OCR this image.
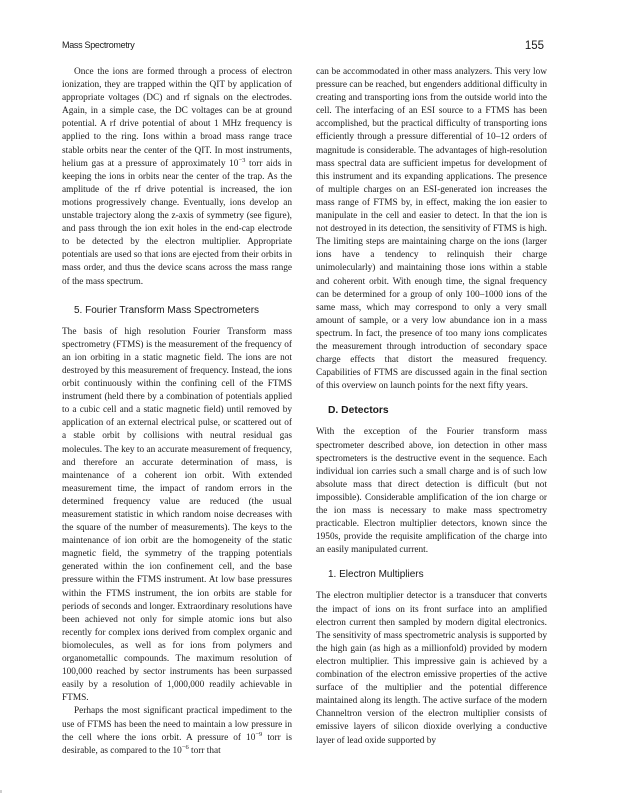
Mass Spectrometry	155

Once the ions are formed through a process of electron ionization, they are trapped within the QIT by application of appropriate voltages (DC) and rf signals on the electrodes. Again, in a simple case, the DC voltages can be at ground potential. A rf drive potential of about 1 MHz frequency is applied to the ring. Ions within a broad mass range trace stable orbits near the center of the QIT. In most instruments, helium gas at a pressure of approximately $10^{-3}$ torr aids in keeping the ions in orbits near the center of the trap. As the amplitude of the rf drive potential is increased, the ion motions progressively change. Eventually, ions develop an unstable trajectory along the z-axis of symmetry (see figure), and pass through the ion exit holes in the end-cap electrode to be detected by the electron multiplier. Appropriate potentials are used so that ions are ejected from their orbits in mass order, and thus the device scans across the mass range of the mass spectrum.

5. Fourier Transform Mass Spectrometers

The basis of high resolution Fourier Transform mass spectrometry (FTMS) is the measurement of the frequency of an ion orbiting in a static magnetic field. The ions are not destroyed by this measurement of frequency. Instead, the ions orbit continuously within the confining cell of the FTMS instrument (held there by a combination of potentials applied to a cubic cell and a static magnetic field) until removed by application of an external electrical pulse, or scattered out of a stable orbit by collisions with neutral residual gas molecules. The key to an accurate measurement of frequency, and therefore an accurate determination of mass, is maintenance of a coherent ion orbit. With extended measurement time, the impact of random errors in the determined frequency value are reduced (the usual measurement statistic in which random noise decreases with the square of the number of measurements). The keys to the maintenance of ion orbit are the homogeneity of the static magnetic field, the symmetry of the trapping potentials generated within the ion confinement cell, and the base pressure within the FTMS instrument. At low base pressures within the FTMS instrument, the ion orbits are stable for periods of seconds and longer. Extraordinary resolutions have been achieved not only for simple atomic ions but also recently for complex ions derived from complex organic and biomolecules, as well as for ions from polymers and organometallic compounds. The maximum resolution of 100,000 reached by sector instruments has been surpassed easily by a resolution of 1,000,000 readily achievable in FTMS.

Perhaps the most significant practical impediment to the use of FTMS has been the need to maintain a low pressure in the cell where the ions orbit. A pressure of $10^{-9}$ torr is desirable, as compared to the $10^{-6}$ torr that

can be accommodated in other mass analyzers. This very low pressure can be reached, but engenders additional difficulty in creating and transporting ions from the outside world into the cell. The interfacing of an ESI source to a FTMS has been accomplished, but the practical difficulty of transporting ions efficiently through a pressure differential of 10–12 orders of magnitude is considerable. The advantages of high-resolution mass spectral data are sufficient impetus for development of this instrument and its expanding applications. The presence of multiple charges on an ESI-generated ion increases the mass range of FTMS by, in effect, making the ion easier to manipulate in the cell and easier to detect. In that the ion is not destroyed in its detection, the sensitivity of FTMS is high. The limiting steps are maintaining charge on the ions (larger ions have a tendency to relinquish their charge unimolecularly) and maintaining those ions within a stable and coherent orbit. With enough time, the signal frequency can be determined for a group of only 100–1000 ions of the same mass, which may correspond to only a very small amount of sample, or a very low abundance ion in a mass spectrum. In fact, the presence of too many ions complicates the measurement through introduction of secondary space charge effects that distort the measured frequency. Capabilities of FTMS are discussed again in the final section of this overview on launch points for the next fifty years.

D. Detectors

With the exception of the Fourier transform mass spectrometer described above, ion detection in other mass spectrometers is the destructive event in the sequence. Each individual ion carries such a small charge and is of such low absolute mass that direct detection is difficult (but not impossible). Considerable amplification of the ion charge or the ion mass is necessary to make mass spectrometry practicable. Electron multiplier detectors, known since the 1950s, provide the requisite amplification of the charge into an easily manipulated current.

1. Electron Multipliers

The electron multiplier detector is a transducer that converts the impact of ions on its front surface into an amplified electron current then sampled by modern digital electronics. The sensitivity of mass spectrometric analysis is supported by the high gain (as high as a millionfold) provided by modern electron multiplier. This impressive gain is achieved by a combination of the electron emissive properties of the active surface of the multiplier and the potential difference maintained along its length. The active surface of the modern Channeltron version of the electron multiplier consists of emissive layers of silicon dioxide overlying a conductive layer of lead oxide supported by
